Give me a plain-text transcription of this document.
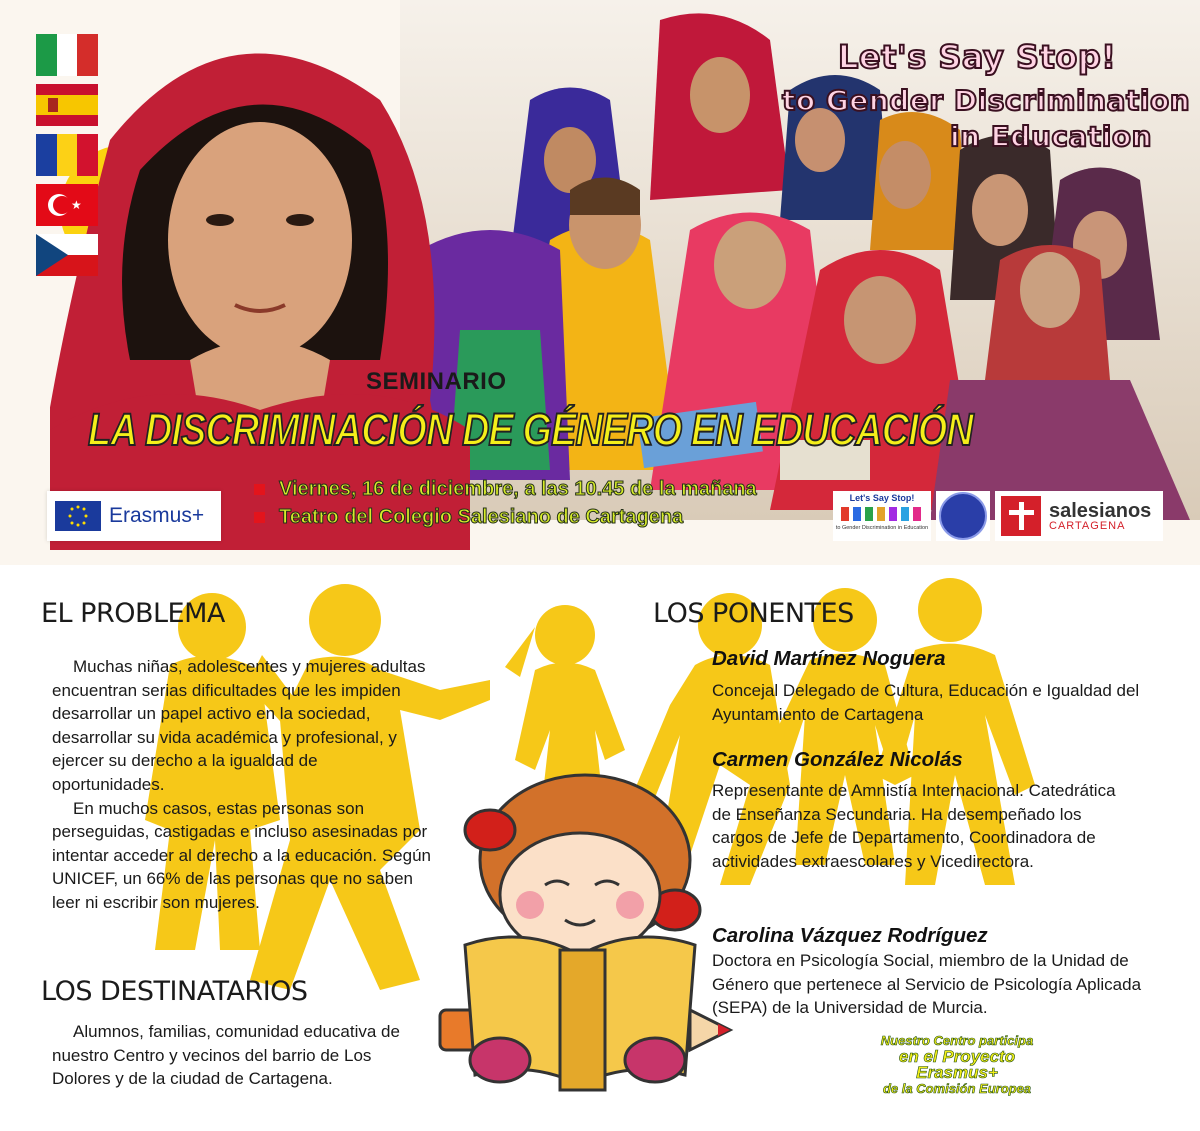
★
Let's Say Stop!
to Gender Discrimination
in Education
SEMINARIO
LA DISCRIMINACIÓN DE GÉNERO EN EDUCACIÓN
Viernes, 16 de diciembre, a las 10.45 de la mañana
Teatro del Colegio Salesiano de Cartagena
Erasmus+
Let's Say Stop!
to Gender Discrimination in Education
salesianos
CARTAGENA
EL PROBLEMA

Muchas niñas, adolescentes y mujeres adultas encuentran serias dificultades que les impiden desarrollar un papel activo en la sociedad, desarrollar su vida académica y profesional, y ejercer su derecho a la igualdad de oportunidades.

En muchos casos, estas personas son perseguidas, castigadas e incluso asesinadas por intentar acceder al derecho a la educación. Según UNICEF, un 66% de las personas que no saben leer ni escribir son mujeres.

LOS DESTINATARIOS

Alumnos, familias, comunidad educativa de nuestro Centro y vecinos del barrio de Los Dolores y de la ciudad de Cartagena.

LOS PONENTES
David Martínez Noguera
Concejal Delegado de Cultura, Educación e Igualdad del Ayuntamiento de Cartagena
Carmen González Nicolás
Representante de Amnistía Internacional. Catedrática de Enseñanza Secundaria. Ha desempeñado los cargos de Jefe de Departamento, Coordinadora de actividades extraescolares y Vicedirectora.
Carolina Vázquez Rodríguez
Doctora en Psicología Social, miembro de la Unidad de Género que pertenece al Servicio de Psicología Aplicada (SEPA) de la Universidad de Murcia.
Nuestro Centro participa
en el Proyecto Erasmus+
de la Comisión Europea
